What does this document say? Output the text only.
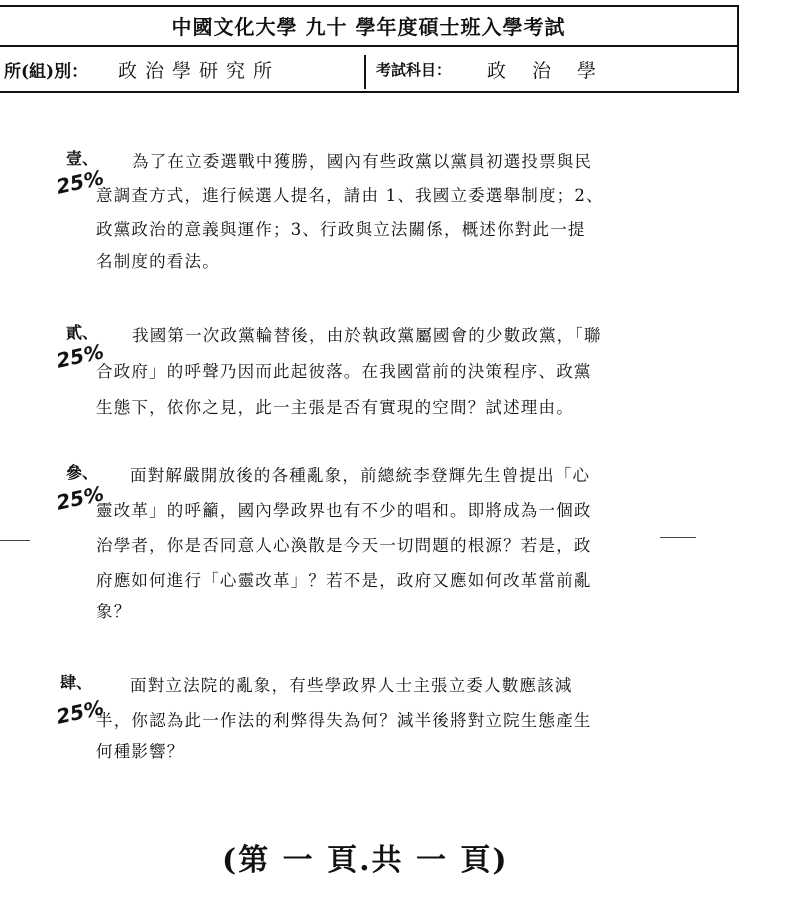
中國文化大學 九十 學年度碩士班入學考試
所(組)別： 政治學研究所	考試科目： 政治學
壹、
25%
為了在立委選戰中獲勝，國內有些政黨以黨員初選投票與民
意調查方式，進行候選人提名，請由 1、我國立委選舉制度；2、
政黨政治的意義與運作；3、行政與立法關係，概述你對此一提
名制度的看法。
貳、
25%
我國第一次政黨輪替後，由於執政黨屬國會的少數政黨，「聯
合政府」的呼聲乃因而此起彼落。在我國當前的決策程序、政黨
生態下，依你之見，此一主張是否有實現的空間？試述理由。
參、
25%
面對解嚴開放後的各種亂象，前總統李登輝先生曾提出「心
靈改革」的呼籲，國內學政界也有不少的唱和。即將成為一個政
治學者，你是否同意人心渙散是今天一切問題的根源？若是，政
府應如何進行「心靈改革」？若不是，政府又應如何改革當前亂
象？
肆、
25%
面對立法院的亂象，有些學政界人士主張立委人數應該減
半，你認為此一作法的利弊得失為何？減半後將對立院生態產生
何種影響？
(第 一 頁.共 一 頁)
